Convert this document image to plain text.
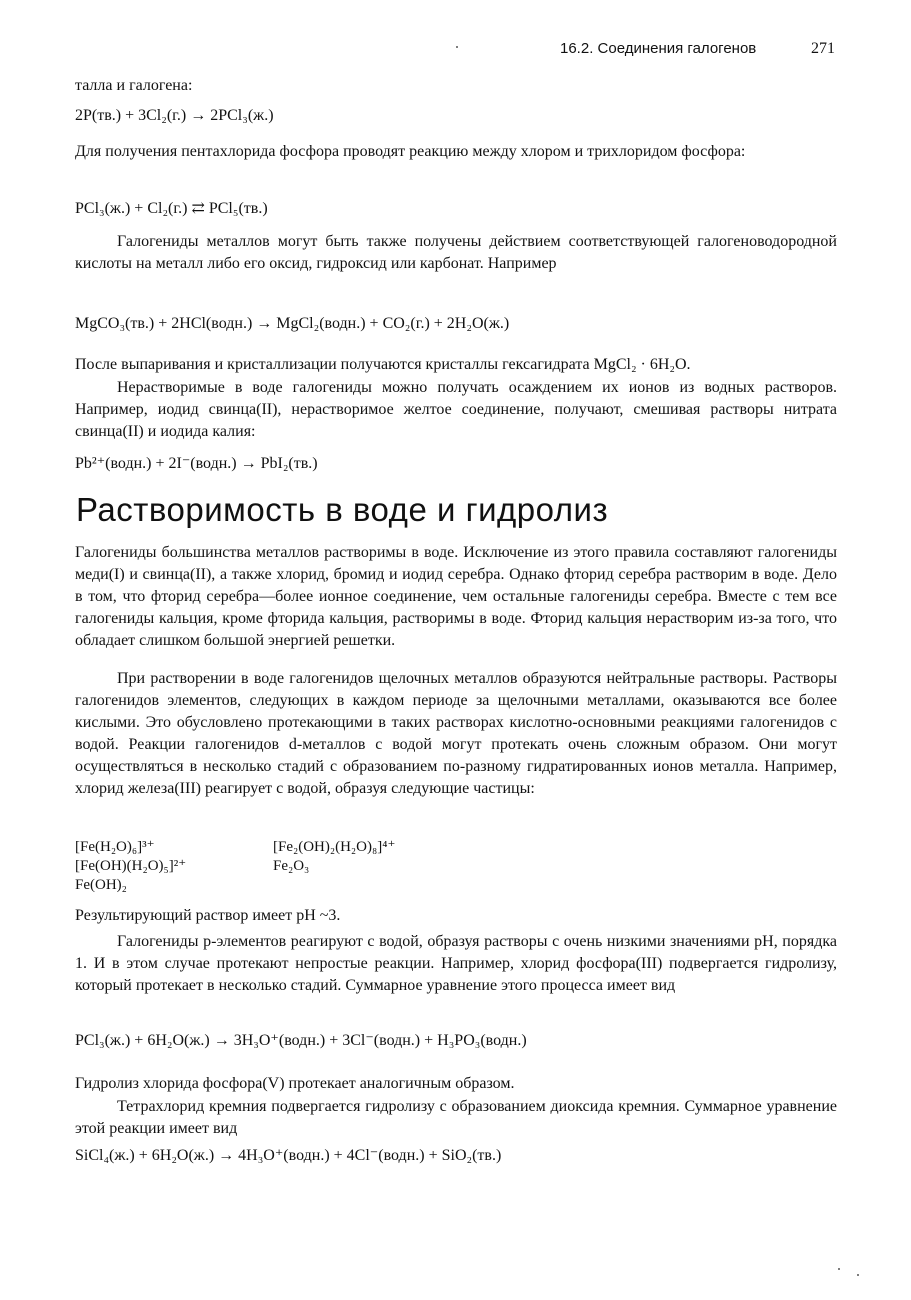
16.2. Соединения галогенов	271

талла и галогена:

2P(тв.) + 3Cl₂(г.) → 2PCl₃(ж.)

Для получения пентахлорида фосфора проводят реакцию между хлором и трихлоридом фосфора:

PCl₃(ж.) + Cl₂(г.) ⇄ PCl₅(тв.)

Галогениды металлов могут быть также получены действием соответствующей галогеноводородной кислоты на металл либо его оксид, гидроксид или карбонат. Например

MgCO₃(тв.) + 2HCl(водн.) → MgCl₂(водн.) + CO₂(г.) + 2H₂O(ж.)

После выпаривания и кристаллизации получаются кристаллы гексагидрата MgCl₂ · 6H₂O.

Нерастворимые в воде галогениды можно получать осаждением их ионов из водных растворов. Например, иодид свинца(II), нерастворимое желтое соединение, получают, смешивая растворы нитрата свинца(II) и иодида калия:

Pb²⁺(водн.) + 2I⁻(водн.) → PbI₂(тв.)
Растворимость в воде и гидролиз

Галогениды большинства металлов растворимы в воде. Исключение из этого правила составляют галогениды меди(I) и свинца(II), а также хлорид, бромид и иодид серебра. Однако фторид серебра растворим в воде. Дело в том, что фторид серебра—более ионное соединение, чем остальные галогениды серебра. Вместе с тем все галогениды кальция, кроме фторида кальция, растворимы в воде. Фторид кальция нерастворим из-за того, что обладает слишком большой энергией решетки.

При растворении в воде галогенидов щелочных металлов образуются нейтральные растворы. Растворы галогенидов элементов, следующих в каждом периоде за щелочными металлами, оказываются все более кислыми. Это обусловлено протекающими в таких растворах кислотно-основными реакциями галогенидов с водой. Реакции галогенидов d-металлов с водой могут протекать очень сложным образом. Они могут осуществляться в несколько стадий с образованием по-разному гидратированных ионов металла. Например, хлорид железа(III) реагирует с водой, образуя следующие частицы:

[Fe(H₂O)₆]³⁺	[Fe₂(OH)₂(H₂O)₈]⁴⁺
[Fe(OH)(H₂O)₅]²⁺	Fe₂O₃
Fe(OH)₂

Результирующий раствор имеет pH ~3.

Галогениды p-элементов реагируют с водой, образуя растворы с очень низкими значениями pH, порядка 1. И в этом случае протекают непростые реакции. Например, хлорид фосфора(III) подвергается гидролизу, который протекает в несколько стадий. Суммарное уравнение этого процесса имеет вид

PCl₃(ж.) + 6H₂O(ж.) → 3H₃O⁺(водн.) + 3Cl⁻(водн.) + H₃PO₃(водн.)

Гидролиз хлорида фосфора(V) протекает аналогичным образом.

Тетрахлорид кремния подвергается гидролизу с образованием диоксида кремния. Суммарное уравнение этой реакции имеет вид

SiCl₄(ж.) + 6H₂O(ж.) → 4H₃O⁺(водн.) + 4Cl⁻(водн.) + SiO₂(тв.)
